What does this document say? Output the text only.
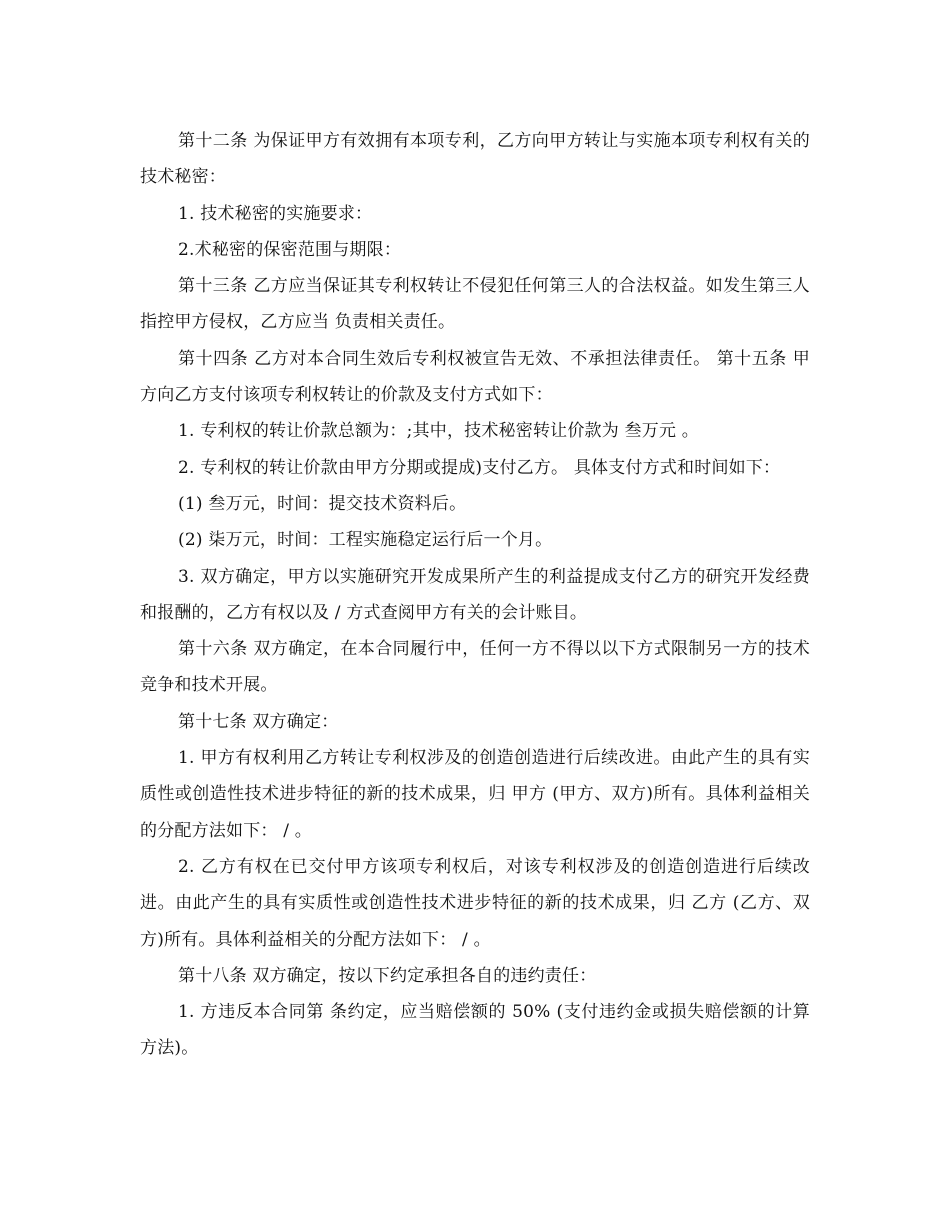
第十二条 为保证甲方有效拥有本项专利，乙方向甲方转让与实施本项专利权有关的技术秘密：

1. 技术秘密的实施要求：

2.术秘密的保密范围与期限：

第十三条 乙方应当保证其专利权转让不侵犯任何第三人的合法权益。如发生第三人指控甲方侵权，乙方应当 负责相关责任。

第十四条 乙方对本合同生效后专利权被宣告无效、不承担法律责任。 第十五条 甲方向乙方支付该项专利权转让的价款及支付方式如下：

1. 专利权的转让价款总额为：;其中，技术秘密转让价款为 叁万元 。

2. 专利权的转让价款由甲方分期或提成)支付乙方。 具体支付方式和时间如下：

(1) 叁万元，时间：提交技术资料后。

(2) 柒万元，时间：工程实施稳定运行后一个月。

3. 双方确定，甲方以实施研究开发成果所产生的利益提成支付乙方的研究开发经费和报酬的，乙方有权以及 / 方式查阅甲方有关的会计账目。

第十六条 双方确定，在本合同履行中，任何一方不得以以下方式限制另一方的技术竞争和技术开展。

第十七条 双方确定：

1. 甲方有权利用乙方转让专利权涉及的创造创造进行后续改进。由此产生的具有实质性或创造性技术进步特征的新的技术成果，归 甲方 (甲方、双方)所有。具体利益相关的分配方法如下： / 。

2. 乙方有权在已交付甲方该项专利权后，对该专利权涉及的创造创造进行后续改进。由此产生的具有实质性或创造性技术进步特征的新的技术成果，归 乙方 (乙方、双方)所有。具体利益相关的分配方法如下： / 。

第十八条 双方确定，按以下约定承担各自的违约责任：

1. 方违反本合同第 条约定，应当赔偿额的 50% (支付违约金或损失赔偿额的计算方法)。
